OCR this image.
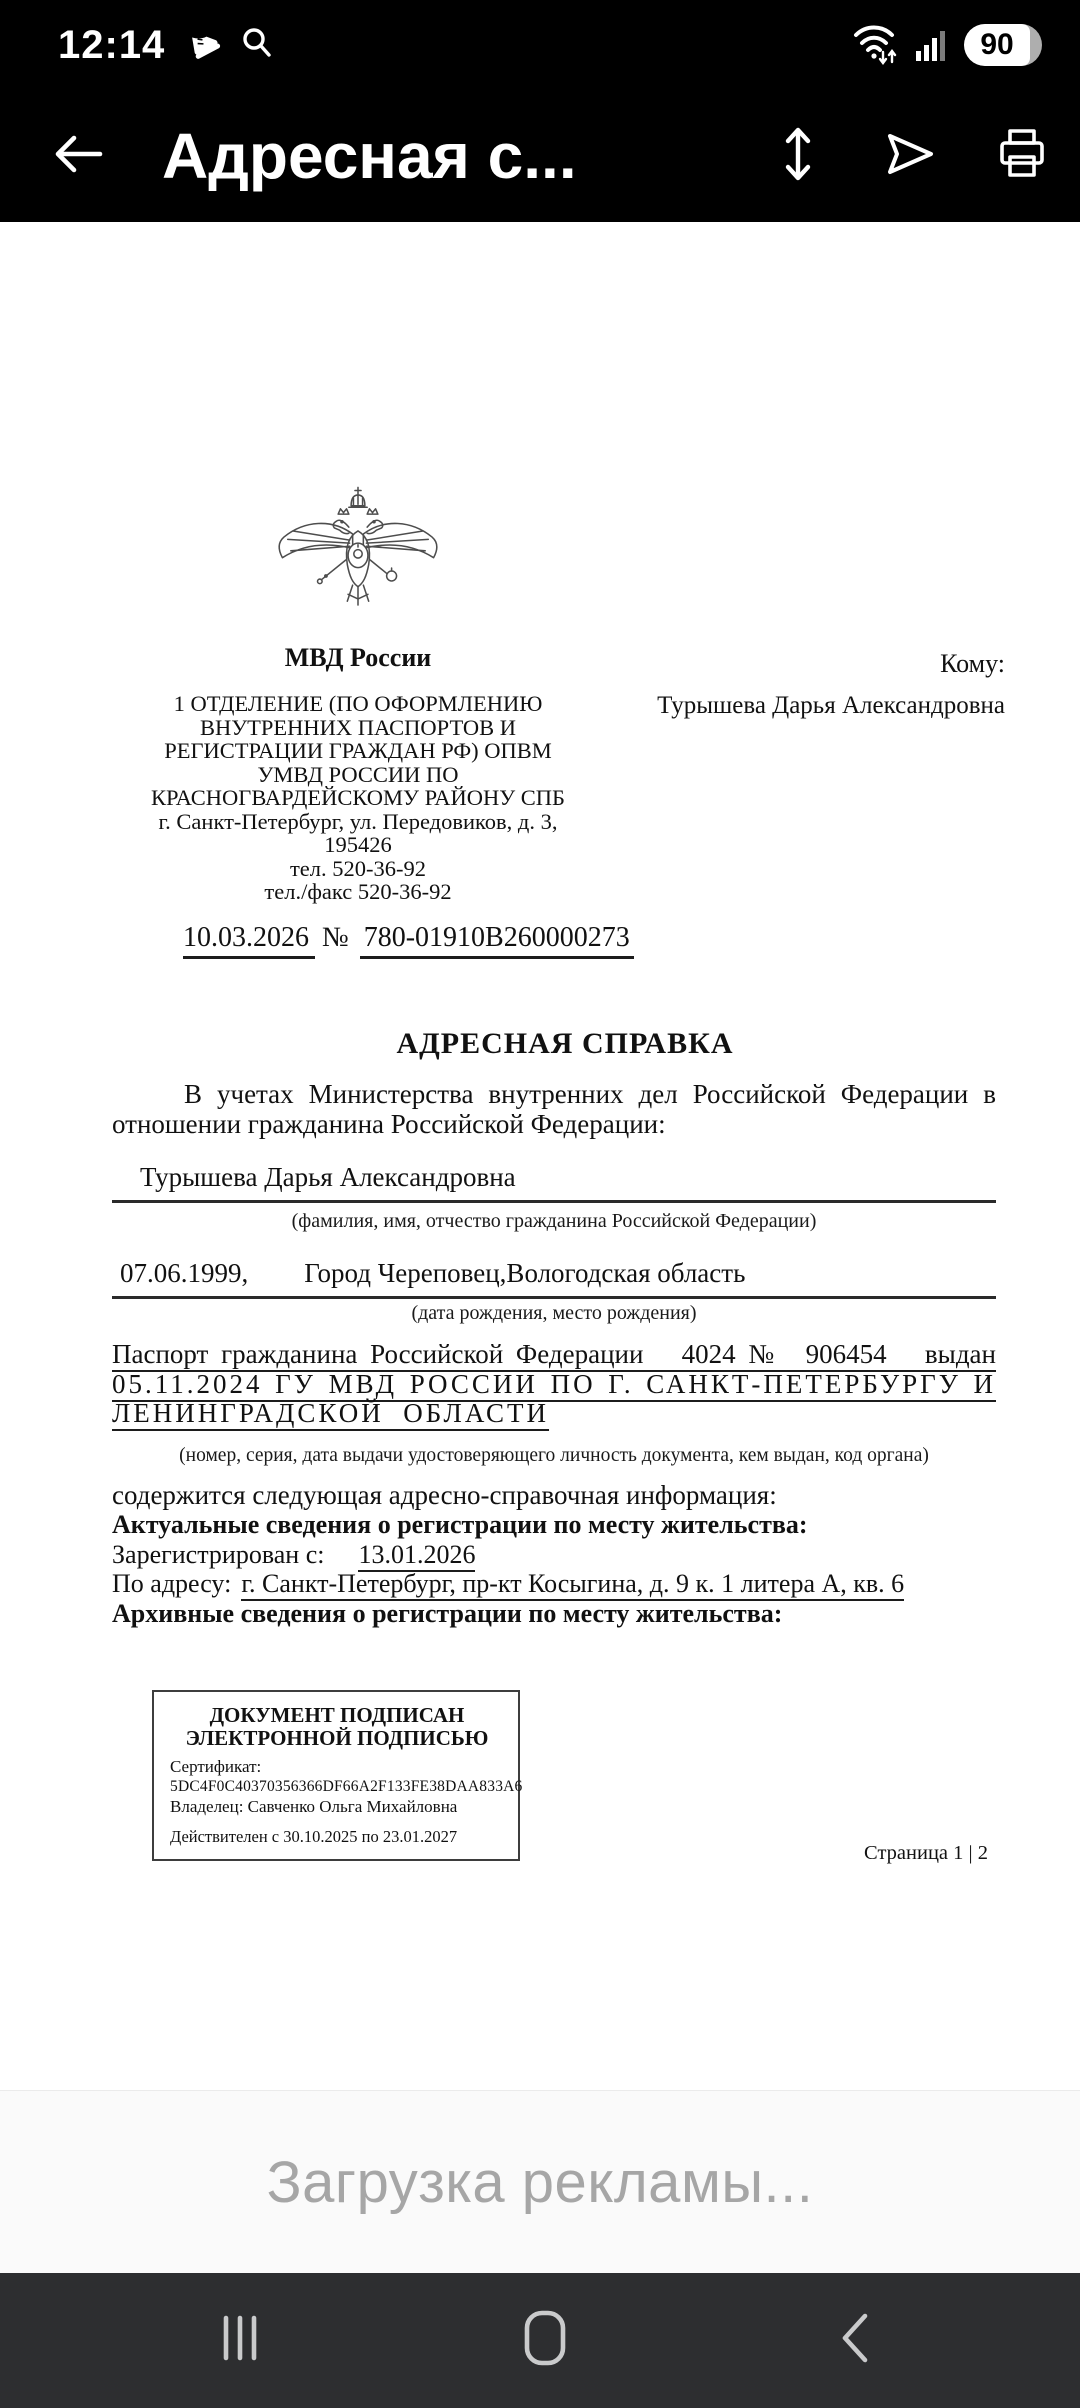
12:14	90
Адресная с...
МВД России	Кому:
1 ОТДЕЛЕНИЕ (ПО ОФОРМЛЕНИЮ
ВНУТРЕННИХ ПАСПОРТОВ И
РЕГИСТРАЦИИ ГРАЖДАН РФ) ОПВМ
УМВД РОССИИ ПО
КРАСНОГВАРДЕЙСКОМУ РАЙОНУ СПБ
г. Санкт-Петербург, ул. Передовиков, д. 3,
195426
тел. 520-36-92
тел./факс 520-36-92
Турышева Дарья Александровна
10.03.2026 № 780-01910В260000273
АДРЕСНАЯ СПРАВКА
В учетах Министерства внутренних дел Российской Федерации в
отношении гражданина Российской Федерации:
Турышева Дарья Александровна
(фамилия, имя, отчество гражданина Российской Федерации)
07.06.1999, Город Череповец,Вологодская область
(дата рождения, место рождения)
Паспорт гражданина Российской Федерации   4024 №  906454   выдан
05.11.2024 ГУ МВД РОССИИ ПО Г. САНКТ-ПЕТЕРБУРГУ И
ЛЕНИНГРАДСКОЙ  ОБЛАСТИ
(номер, серия, дата выдачи удостоверяющего личность документа, кем выдан, код органа)
содержится следующая адресно-справочная информация:
Актуальные сведения о регистрации по месту жительства:
Зарегистрирован с: 13.01.2026
По адресу: г. Санкт-Петербург, пр-кт Косыгина, д. 9 к. 1 литера А, кв. 6
Архивные сведения о регистрации по месту жительства:
ДОКУМЕНТ ПОДПИСАН
ЭЛЕКТРОННОЙ ПОДПИСЬЮ
Сертификат:
5DC4F0C40370356366DF66A2F133FE38DAA833A6
Владелец: Савченко Ольга Михайловна
Действителен с 30.10.2025 по 23.01.2027
Страница 1 | 2
Загрузка рекламы...
